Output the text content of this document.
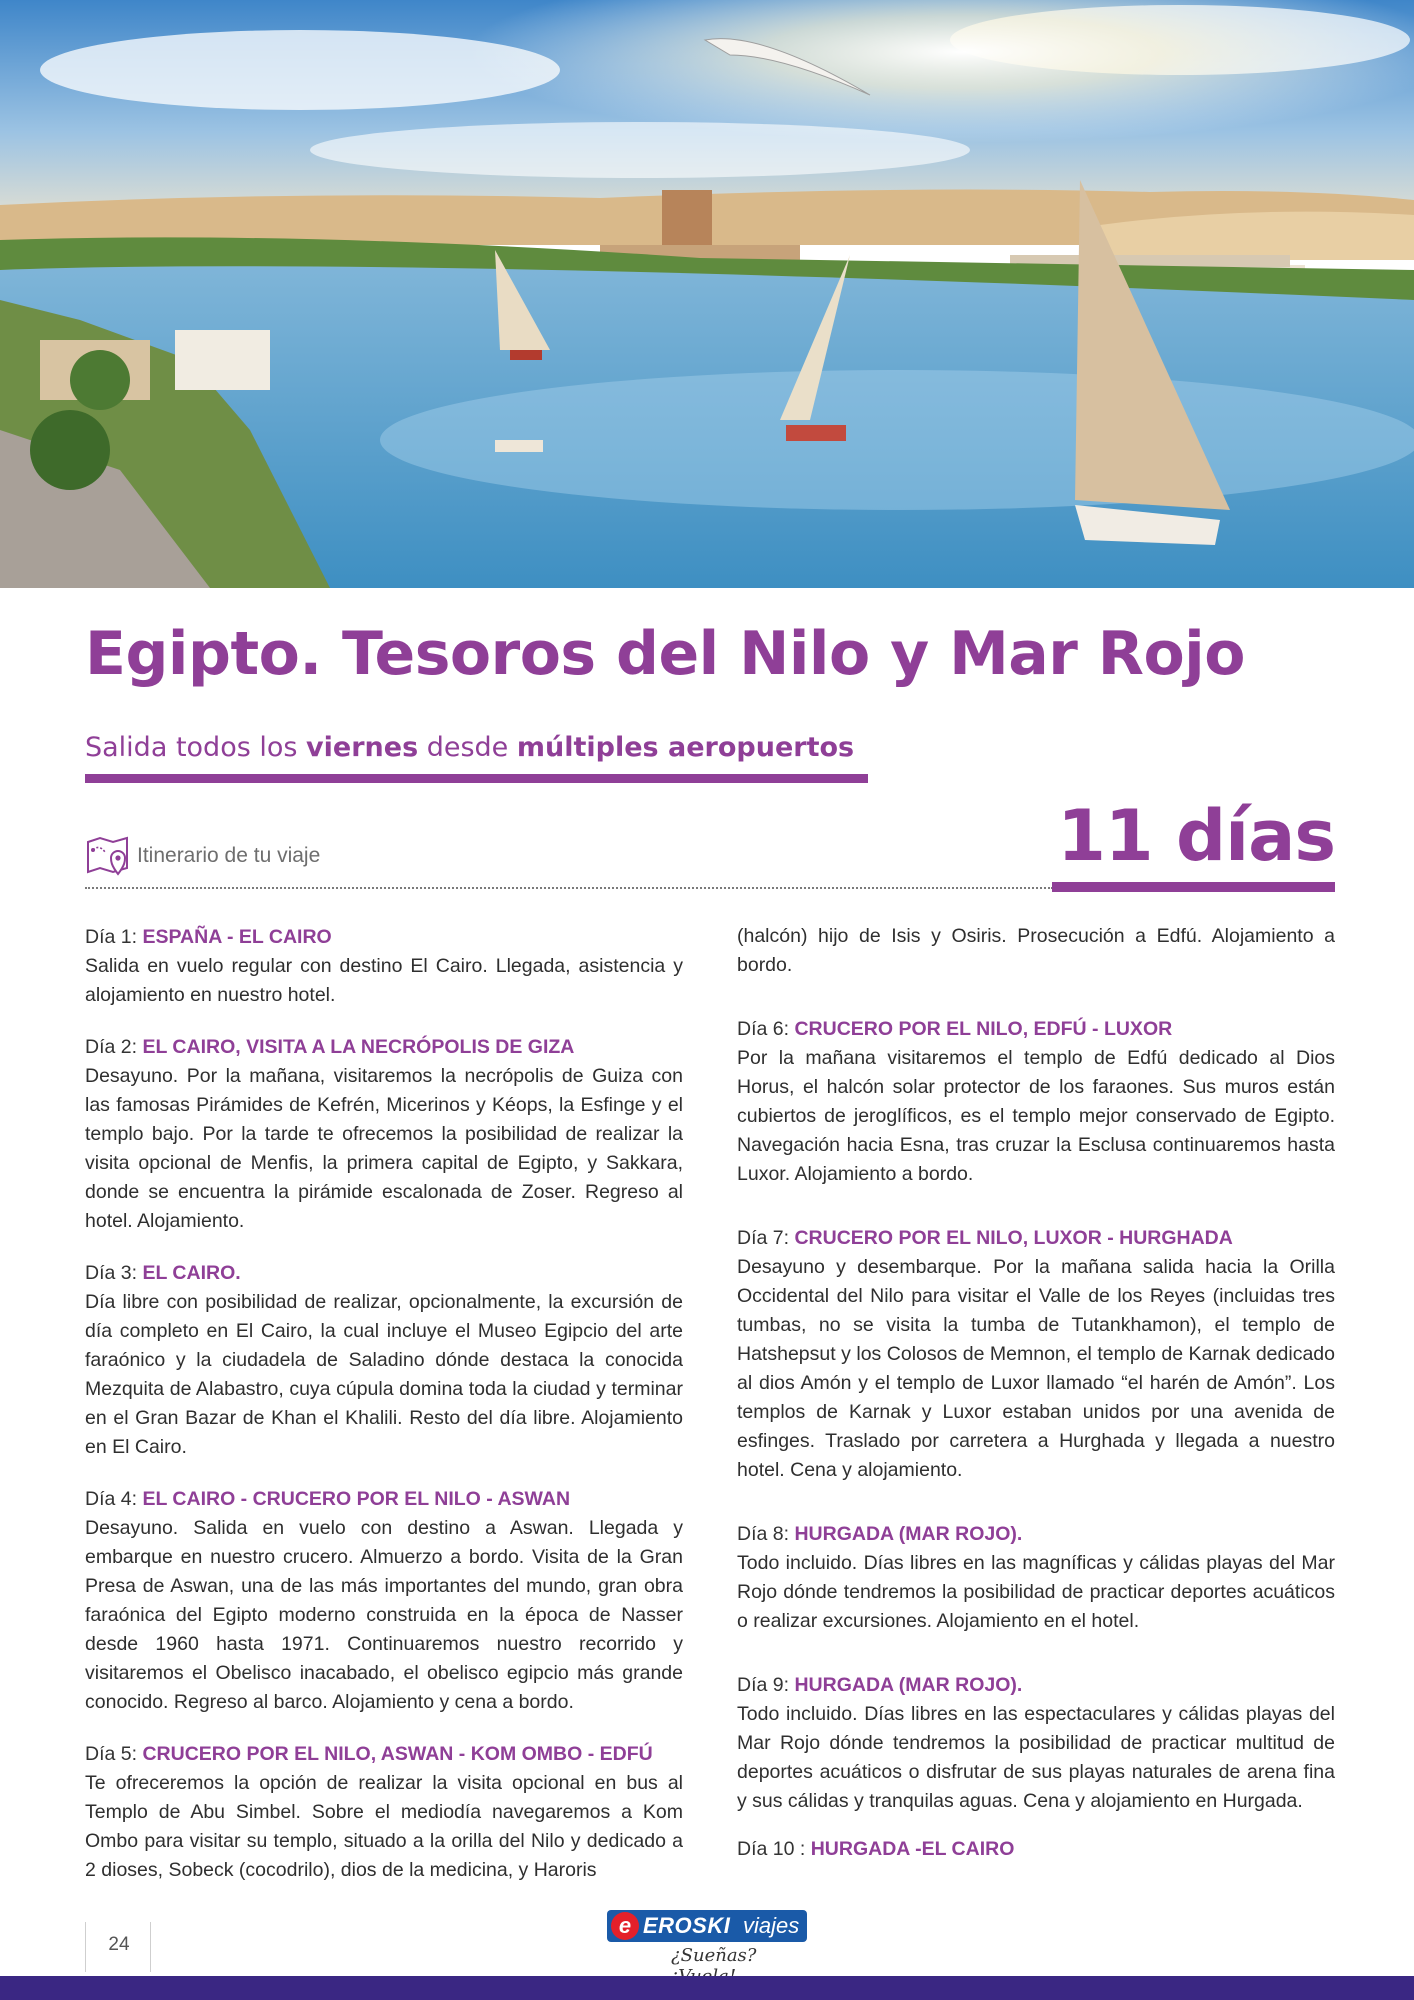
Egipto. Tesoros del Nilo y Mar Rojo
Salida todos los viernes desde múltiples aeropuertos
Itinerario de tu viaje	11 días
Día 1: ESPAÑA - EL CAIRO

Salida en vuelo regular con destino El Cairo. Llegada, asistencia y alojamiento en nuestro hotel.

Día 2: EL CAIRO, VISITA A LA NECRÓPOLIS DE GIZA

Desayuno. Por la mañana, visitaremos la necrópolis de Guiza con las famosas Pirámides de Kefrén, Micerinos y Kéops, la Esfinge y el templo bajo. Por la tarde te ofrecemos la posibilidad de realizar la visita opcional de Menfis, la primera capital de Egipto, y Sakkara, donde se encuentra la pirámide escalonada de Zoser. Regreso al hotel. Alojamiento.

Día 3: EL CAIRO.

Día libre con posibilidad de realizar, opcionalmente, la excursión de día completo en El Cairo, la cual incluye el Museo Egipcio del arte faraónico y la ciudadela de Saladino dónde destaca la conocida Mezquita de Alabastro, cuya cúpula domina toda la ciudad y terminar en el Gran Bazar de Khan el Khalili. Resto del día libre. Alojamiento en El Cairo.

Día 4: EL CAIRO - CRUCERO POR EL NILO - ASWAN

Desayuno. Salida en vuelo con destino a Aswan. Llegada y embarque en nuestro crucero. Almuerzo a bordo. Visita de la Gran Presa de Aswan, una de las más importantes del mundo, gran obra faraónica del Egipto moderno construida en la época de Nasser desde 1960 hasta 1971. Continuaremos nuestro recorrido y visitaremos el Obelisco inacabado, el obelisco egipcio más grande conocido. Regreso al barco. Alojamiento y cena a bordo.

Día 5: CRUCERO POR EL NILO, ASWAN - KOM OMBO - EDFÚ

Te ofreceremos la opción de realizar la visita opcional en bus al Templo de Abu Simbel. Sobre el mediodía navegaremos a Kom Ombo para visitar su templo, situado a la orilla del Nilo y dedicado a 2 dioses, Sobeck (cocodrilo), dios de la medicina, y Haroris

(halcón) hijo de Isis y Osiris. Prosecución a Edfú. Alojamiento a bordo.

Día 6: CRUCERO POR EL NILO, EDFÚ - LUXOR

Por la mañana visitaremos el templo de Edfú dedicado al Dios Horus, el halcón solar protector de los faraones. Sus muros están cubiertos de jeroglíficos, es el templo mejor conservado de Egipto. Navegación hacia Esna, tras cruzar la Esclusa continuaremos hasta Luxor. Alojamiento a bordo.

Día 7: CRUCERO POR EL NILO, LUXOR - HURGHADA

Desayuno y desembarque. Por la mañana salida hacia la Orilla Occidental del Nilo para visitar el Valle de los Reyes (incluidas tres tumbas, no se visita la tumba de Tutankhamon), el templo de Hatshepsut y los Colosos de Memnon, el templo de Karnak dedicado al dios Amón y el templo de Luxor llamado “el harén de Amón”. Los templos de Karnak y Luxor estaban unidos por una avenida de esfinges. Traslado por carretera a Hurghada y llegada a nuestro hotel. Cena y alojamiento.

Día 8: HURGADA (MAR ROJO).

Todo incluido. Días libres en las magníficas y cálidas playas del Mar Rojo dónde tendremos la posibilidad de practicar deportes acuáticos o realizar excursiones. Alojamiento en el hotel.

Día 9: HURGADA (MAR ROJO).

Todo incluido. Días libres en las espectaculares y cálidas playas del Mar Rojo dónde tendremos la posibilidad de practicar multitud de deportes acuáticos o disfrutar de sus playas naturales de arena fina y sus cálidas y tranquilas aguas. Cena y alojamiento en Hurgada.

Día 10 : HURGADA -EL CAIRO
24
e EROSKI viajes
¿Sueñas?
